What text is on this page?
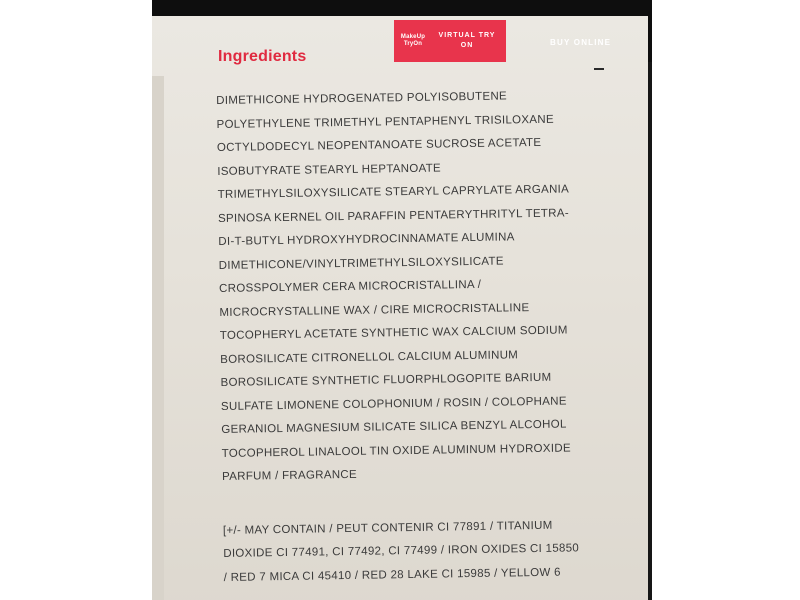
MakeUp
TryOn
VIRTUAL TRY
ON	BUY ONLINE
Ingredients
DIMETHICONE HYDROGENATED POLYISOBUTENE
POLYETHYLENE TRIMETHYL PENTAPHENYL TRISILOXANE
OCTYLDODECYL NEOPENTANOATE SUCROSE ACETATE
ISOBUTYRATE STEARYL HEPTANOATE
TRIMETHYLSILOXYSILICATE STEARYL CAPRYLATE ARGANIA
SPINOSA KERNEL OIL PARAFFIN PENTAERYTHRITYL TETRA-
DI-T-BUTYL HYDROXYHYDROCINNAMATE ALUMINA
DIMETHICONE/VINYLTRIMETHYLSILOXYSILICATE
CROSSPOLYMER CERA MICROCRISTALLINA /
MICROCRYSTALLINE WAX / CIRE MICROCRISTALLINE
TOCOPHERYL ACETATE SYNTHETIC WAX CALCIUM SODIUM
BOROSILICATE CITRONELLOL CALCIUM ALUMINUM
BOROSILICATE SYNTHETIC FLUORPHLOGOPITE BARIUM
SULFATE LIMONENE COLOPHONIUM / ROSIN / COLOPHANE
GERANIOL MAGNESIUM SILICATE SILICA BENZYL ALCOHOL
TOCOPHEROL LINALOOL TIN OXIDE ALUMINUM HYDROXIDE
PARFUM / FRAGRANCE
[+/- MAY CONTAIN / PEUT CONTENIR CI 77891 / TITANIUM
DIOXIDE CI 77491, CI 77492, CI 77499 / IRON OXIDES CI 15850
/ RED 7 MICA CI 45410 / RED 28 LAKE CI 15985 / YELLOW 6
